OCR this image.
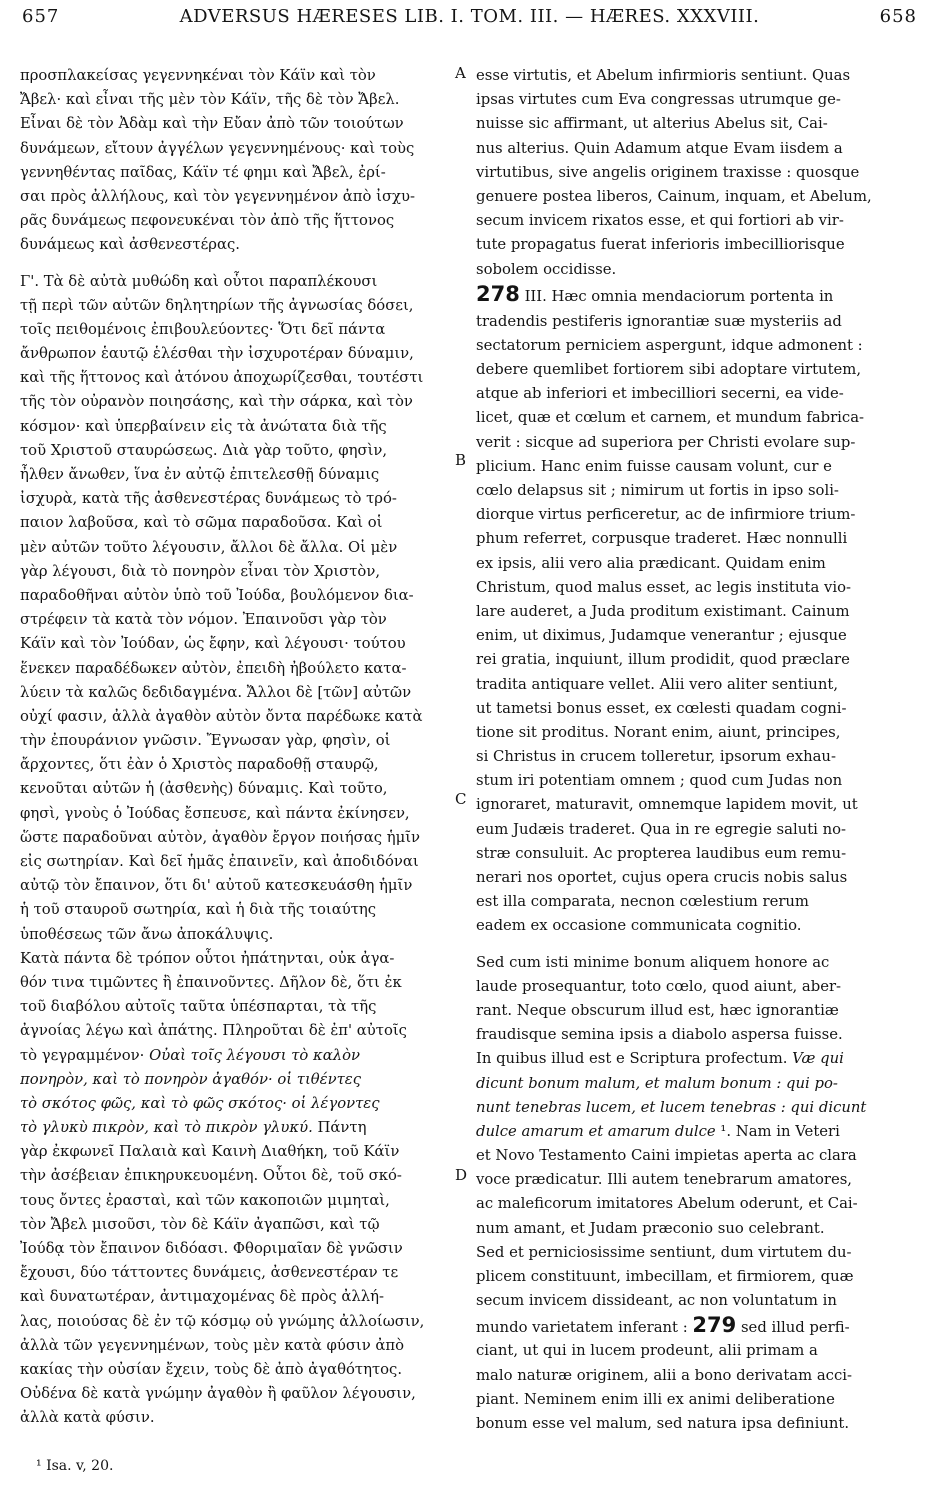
657	ADVERSUS HÆRESES LIB. I. TOM. III. — HÆRES. XXXVIII.	658
A
B
C
D
προσπλακείσας γεγεννηκέναι τὸν Κάϊν καὶ τὸν
Ἄβελ· καὶ εἶναι τῆς μὲν τὸν Κάϊν, τῆς δὲ τὸν Ἄβελ.
Εἶναι δὲ τὸν Ἀδὰμ καὶ τὴν Εὔαν ἀπὸ τῶν τοιούτων
δυνάμεων, εἴτουν ἀγγέλων γεγεννημένους· καὶ τοὺς
γεννηθέντας παῖδας, Κάϊν τέ φημι καὶ Ἄβελ, ἐρί-
σαι πρὸς ἀλλήλους, καὶ τὸν γεγεννημένον ἀπὸ ἰσχυ-
ρᾶς δυνάμεως πεφονευκέναι τὸν ἀπὸ τῆς ἥττονος
δυνάμεως καὶ ἀσθενεστέρας.
Γ'. Τὰ δὲ αὐτὰ μυθώδη καὶ οὗτοι παραπλέκουσι
τῇ περὶ τῶν αὐτῶν δηλητηρίων τῆς ἀγνωσίας δόσει,
τοῖς πειθομένοις ἐπιβουλεύοντες· Ὅτι δεῖ πάντα
ἄνθρωπον ἑαυτῷ ἑλέσθαι τὴν ἰσχυροτέραν δύναμιν,
καὶ τῆς ἥττονος καὶ ἀτόνου ἀποχωρίζεσθαι, τουτέστι
τῆς τὸν οὐρανὸν ποιησάσης, καὶ τὴν σάρκα, καὶ τὸν
κόσμον· καὶ ὑπερβαίνειν εἰς τὰ ἀνώτατα διὰ τῆς
τοῦ Χριστοῦ σταυρώσεως. Διὰ γὰρ τοῦτο, φησὶν,
ἦλθεν ἄνωθεν, ἵνα ἐν αὐτῷ ἐπιτελεσθῇ δύναμις
ἰσχυρὰ, κατὰ τῆς ἀσθενεστέρας δυνάμεως τὸ τρό-
παιον λαβοῦσα, καὶ τὸ σῶμα παραδοῦσα. Καὶ οἱ
μὲν αὐτῶν τοῦτο λέγουσιν, ἄλλοι δὲ ἄλλα. Οἱ μὲν
γὰρ λέγουσι, διὰ τὸ πονηρὸν εἶναι τὸν Χριστὸν,
παραδοθῆναι αὐτὸν ὑπὸ τοῦ Ἰούδα, βουλόμενον δια-
στρέφειν τὰ κατὰ τὸν νόμον. Ἐπαινοῦσι γὰρ τὸν
Κάϊν καὶ τὸν Ἰούδαν, ὡς ἔφην, καὶ λέγουσι· τούτου
ἕνεκεν παραδέδωκεν αὐτὸν, ἐπειδὴ ἠβούλετο κατα-
λύειν τὰ καλῶς δεδιδαγμένα. Ἄλλοι δὲ [τῶν] αὐτῶν
οὐχί φασιν, ἀλλὰ ἀγαθὸν αὐτὸν ὄντα παρέδωκε κατὰ
τὴν ἐπουράνιον γνῶσιν. Ἔγνωσαν γὰρ, φησὶν, οἱ
ἄρχοντες, ὅτι ἐὰν ὁ Χριστὸς παραδοθῇ σταυρῷ,
κενοῦται αὐτῶν ἡ (ἀσθενὴς) δύναμις. Καὶ τοῦτο,
φησὶ, γνοὺς ὁ Ἰούδας ἔσπευσε, καὶ πάντα ἐκίνησεν,
ὥστε παραδοῦναι αὐτὸν, ἀγαθὸν ἔργον ποιήσας ἡμῖν
εἰς σωτηρίαν. Καὶ δεῖ ἡμᾶς ἐπαινεῖν, καὶ ἀποδιδόναι
αὐτῷ τὸν ἔπαινον, ὅτι δι' αὐτοῦ κατεσκευάσθη ἡμῖν
ἡ τοῦ σταυροῦ σωτηρία, καὶ ἡ διὰ τῆς τοιαύτης
ὑποθέσεως τῶν ἄνω ἀποκάλυψις.
Κατὰ πάντα δὲ τρόπον οὗτοι ἠπάτηνται, οὐκ ἀγα-
θόν τινα τιμῶντες ἢ ἐπαινοῦντες. Δῆλον δὲ, ὅτι ἐκ
τοῦ διαβόλου αὐτοῖς ταῦτα ὑπέσπαρται, τὰ τῆς
ἀγνοίας λέγω καὶ ἀπάτης. Πληροῦται δὲ ἐπ' αὐτοῖς
τὸ γεγραμμένον· Οὐαὶ τοῖς λέγουσι τὸ καλὸν
πονηρὸν, καὶ τὸ πονηρὸν ἀγαθόν· οἱ τιθέντες
τὸ σκότος φῶς, καὶ τὸ φῶς σκότος· οἱ λέγοντες
τὸ γλυκὺ πικρὸν, καὶ τὸ πικρὸν γλυκύ. Πάντη
γὰρ ἐκφωνεῖ Παλαιὰ καὶ Καινὴ Διαθήκη, τοῦ Κάϊν
τὴν ἀσέβειαν ἐπικηρυκευομένη. Οὗτοι δὲ, τοῦ σκό-
τους ὄντες ἐρασταὶ, καὶ τῶν κακοποιῶν μιμηταὶ,
τὸν Ἄβελ μισοῦσι, τὸν δὲ Κάϊν ἀγαπῶσι, καὶ τῷ
Ἰούδᾳ τὸν ἔπαινον διδόασι. Φθοριμαῖαν δὲ γνῶσιν
ἔχουσι, δύο τάττοντες δυνάμεις, ἀσθενεστέραν τε
καὶ δυνατωτέραν, ἀντιμαχομένας δὲ πρὸς ἀλλή-
λας, ποιούσας δὲ ἐν τῷ κόσμῳ οὐ γνώμης ἀλλοίωσιν,
ἀλλὰ τῶν γεγεννημένων, τοὺς μὲν κατὰ φύσιν ἀπὸ
κακίας τὴν οὐσίαν ἔχειν, τοὺς δὲ ἀπὸ ἀγαθότητος.
Οὐδένα δὲ κατὰ γνώμην ἀγαθὸν ἢ φαῦλον λέγουσιν,
ἀλλὰ κατὰ φύσιν.
esse virtutis, et Abelum infirmioris sentiunt. Quas
ipsas virtutes cum Eva congressas utrumque ge-
nuisse sic affirmant, ut alterius Abelus sit, Cai-
nus alterius. Quin Adamum atque Evam iisdem a
virtutibus, sive angelis originem traxisse : quosque
genuere postea liberos, Cainum, inquam, et Abelum,
secum invicem rixatos esse, et qui fortiori ab vir-
tute propagatus fuerat inferioris imbecilliorisque
sobolem occidisse.
278 III. Hæc omnia mendaciorum portenta in
tradendis pestiferis ignorantiæ suæ mysteriis ad
sectatorum perniciem aspergunt, idque admonent :
debere quemlibet fortiorem sibi adoptare virtutem,
atque ab inferiori et imbecilliori secerni, ea vide-
licet, quæ et cœlum et carnem, et mundum fabrica-
verit : sicque ad superiora per Christi evolare sup-
plicium. Hanc enim fuisse causam volunt, cur e
cœlo delapsus sit ; nimirum ut fortis in ipso soli-
diorque virtus perficeretur, ac de infirmiore trium-
phum referret, corpusque traderet. Hæc nonnulli
ex ipsis, alii vero alia prædicant. Quidam enim
Christum, quod malus esset, ac legis instituta vio-
lare auderet, a Juda proditum existimant. Cainum
enim, ut diximus, Judamque venerantur ; ejusque
rei gratia, inquiunt, illum prodidit, quod præclare
tradita antiquare vellet. Alii vero aliter sentiunt,
ut tametsi bonus esset, ex cœlesti quadam cogni-
tione sit proditus. Norant enim, aiunt, principes,
si Christus in crucem tolleretur, ipsorum exhau-
stum iri potentiam omnem ; quod cum Judas non
ignoraret, maturavit, omnemque lapidem movit, ut
eum Judæis traderet. Qua in re egregie saluti no-
stræ consuluit. Ac propterea laudibus eum remu-
nerari nos oportet, cujus opera crucis nobis salus
est illa comparata, necnon cœlestium rerum
eadem ex occasione communicata cognitio.
Sed cum isti minime bonum aliquem honore ac
laude prosequantur, toto cœlo, quod aiunt, aber-
rant. Neque obscurum illud est, hæc ignorantiæ
fraudisque semina ipsis a diabolo aspersa fuisse.
In quibus illud est e Scriptura profectum. Væ qui
dicunt bonum malum, et malum bonum : qui po-
nunt tenebras lucem, et lucem tenebras : qui dicunt
dulce amarum et amarum dulce ¹. Nam in Veteri
et Novo Testamento Caini impietas aperta ac clara
voce prædicatur. Illi autem tenebrarum amatores,
ac maleficorum imitatores Abelum oderunt, et Cai-
num amant, et Judam præconio suo celebrant.
Sed et perniciosissime sentiunt, dum virtutem du-
plicem constituunt, imbecillam, et firmiorem, quæ
secum invicem dissideant, ac non voluntatum in
mundo varietatem inferant : 279 sed illud perfi-
ciant, ut qui in lucem prodeunt, alii primam a
malo naturæ originem, alii a bono derivatam acci-
piant. Neminem enim illi ex animi deliberatione
bonum esse vel malum, sed natura ipsa definiunt.
¹ Isa. v, 20.
